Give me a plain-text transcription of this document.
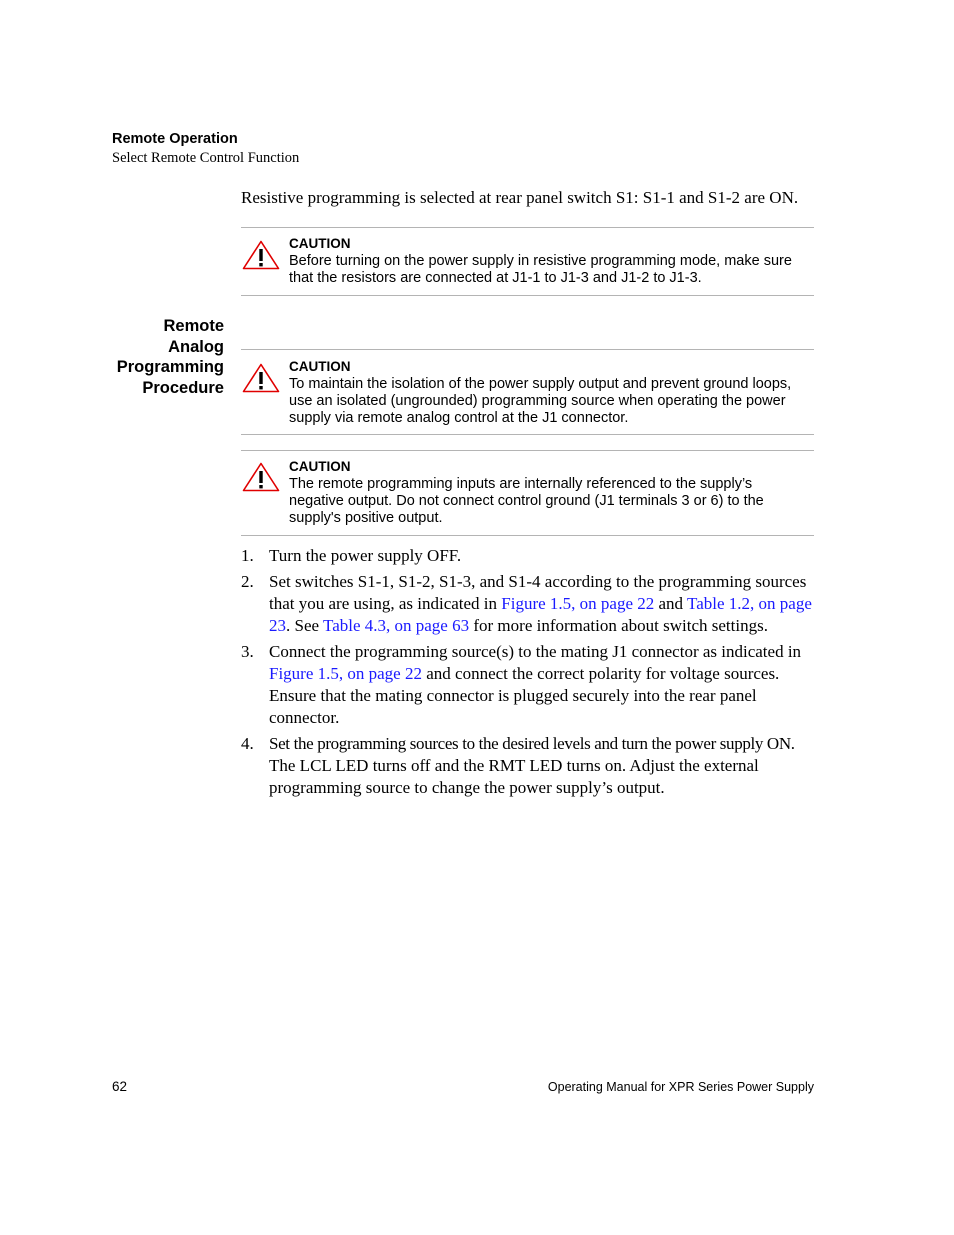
Remote Operation
Select Remote Control Function
Resistive programming is selected at rear panel switch S1: S1-1 and S1-2 are ON.
CAUTION
Before turning on the power supply in resistive programming mode, make sure
that the resistors are connected at J1-1 to J1-3 and J1-2 to J1-3.
Remote
Analog
Programming
Procedure
CAUTION
To maintain the isolation of the power supply output and prevent ground loops,
use an isolated (ungrounded) programming source when operating the power
supply via remote analog control at the J1 connector.
CAUTION
The remote programming inputs are internally referenced to the supply’s
negative output. Do not connect control ground (J1 terminals 3 or 6) to the
supply's positive output.
1. Turn the power supply OFF.
2. Set switches S1-1, S1-2, S1-3, and S1-4 according to the programming sources
that you are using, as indicated in Figure 1.5, on page 22 and Table 1.2, on page
23. See Table 4.3, on page 63 for more information about switch settings.
3. Connect the programming source(s) to the mating J1 connector as indicated in
Figure 1.5, on page 22 and connect the correct polarity for voltage sources.
Ensure that the mating connector is plugged securely into the rear panel
connector.
4. Set the programming sources to the desired levels and turn the power supply ON.
The LCL LED turns off and the RMT LED turns on. Adjust the external
programming source to change the power supply’s output.
62	Operating Manual for XPR Series Power Supply
